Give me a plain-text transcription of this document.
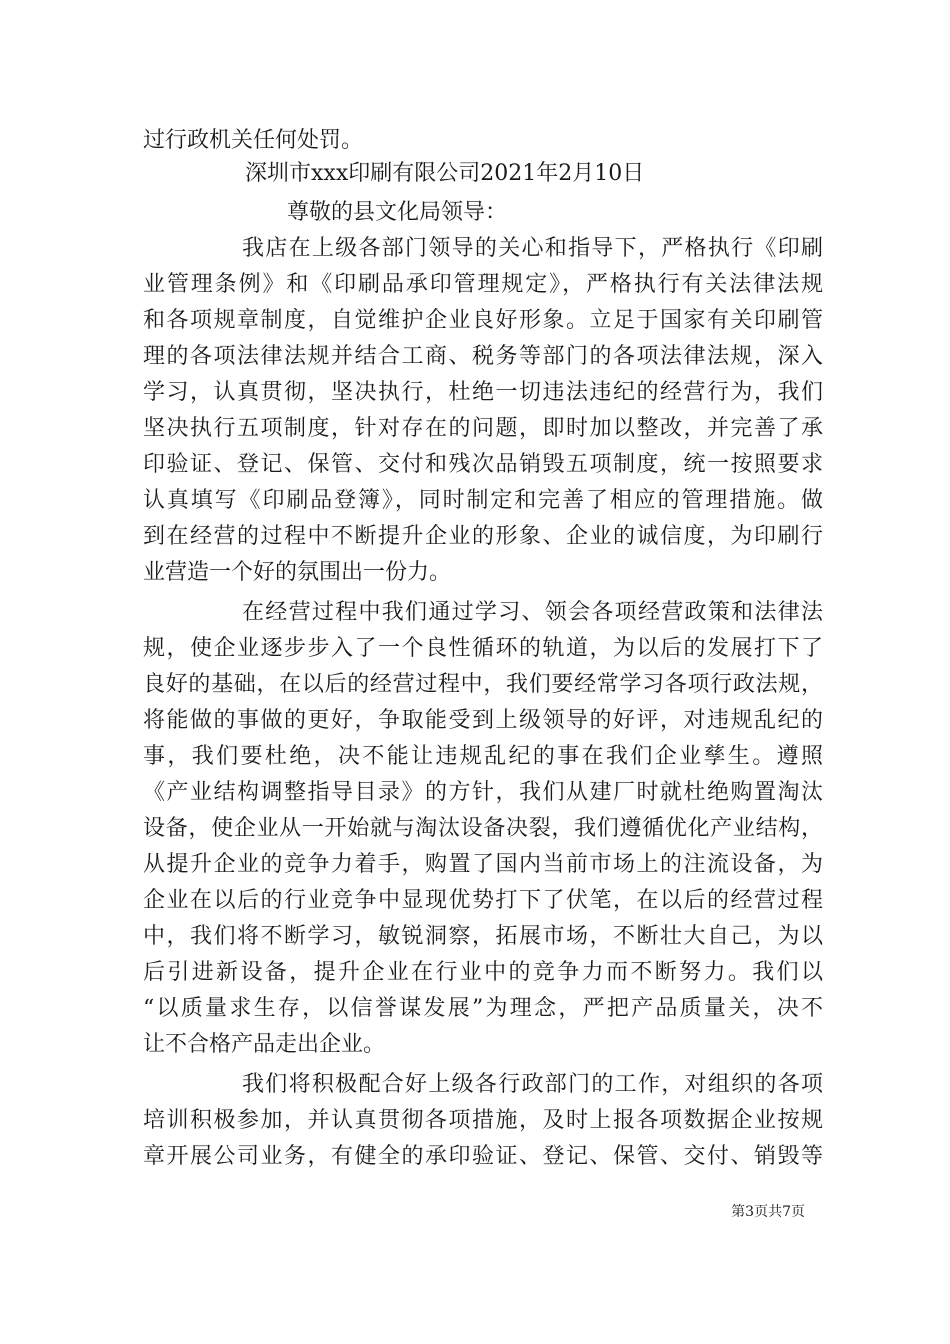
过行政机关任何处罚。
深圳市xxx印刷有限公司2021年2月10日
尊敬的县文化局领导：
我店在上级各部门领导的关心和指导下，严格执行《印刷
业管理条例》和《印刷品承印管理规定》，严格执行有关法律法规
和各项规章制度，自觉维护企业良好形象。立足于国家有关印刷管
理的各项法律法规并结合工商、税务等部门的各项法律法规，深入
学习，认真贯彻，坚决执行，杜绝一切违法违纪的经营行为，我们
坚决执行五项制度，针对存在的问题，即时加以整改，并完善了承
印验证、登记、保管、交付和残次品销毁五项制度，统一按照要求
认真填写《印刷品登簿》，同时制定和完善了相应的管理措施。做
到在经营的过程中不断提升企业的形象、企业的诚信度，为印刷行
业营造一个好的氛围出一份力。
在经营过程中我们通过学习、领会各项经营政策和法律法
规，使企业逐步步入了一个良性循环的轨道，为以后的发展打下了
良好的基础，在以后的经营过程中，我们要经常学习各项行政法规，
将能做的事做的更好，争取能受到上级领导的好评，对违规乱纪的
事，我们要杜绝，决不能让违规乱纪的事在我们企业孳生。遵照
《产业结构调整指导目录》的方针，我们从建厂时就杜绝购置淘汰
设备，使企业从一开始就与淘汰设备决裂，我们遵循优化产业结构，
从提升企业的竞争力着手，购置了国内当前市场上的注流设备，为
企业在以后的行业竞争中显现优势打下了伏笔，在以后的经营过程
中，我们将不断学习，敏锐洞察，拓展市场，不断壮大自己，为以
后引进新设备，提升企业在行业中的竞争力而不断努力。我们以
“以质量求生存，以信誉谋发展”为理念，严把产品质量关，决不
让不合格产品走出企业。
我们将积极配合好上级各行政部门的工作，对组织的各项
培训积极参加，并认真贯彻各项措施，及时上报各项数据企业按规
章开展公司业务，有健全的承印验证、登记、保管、交付、销毁等
第3页共7页
